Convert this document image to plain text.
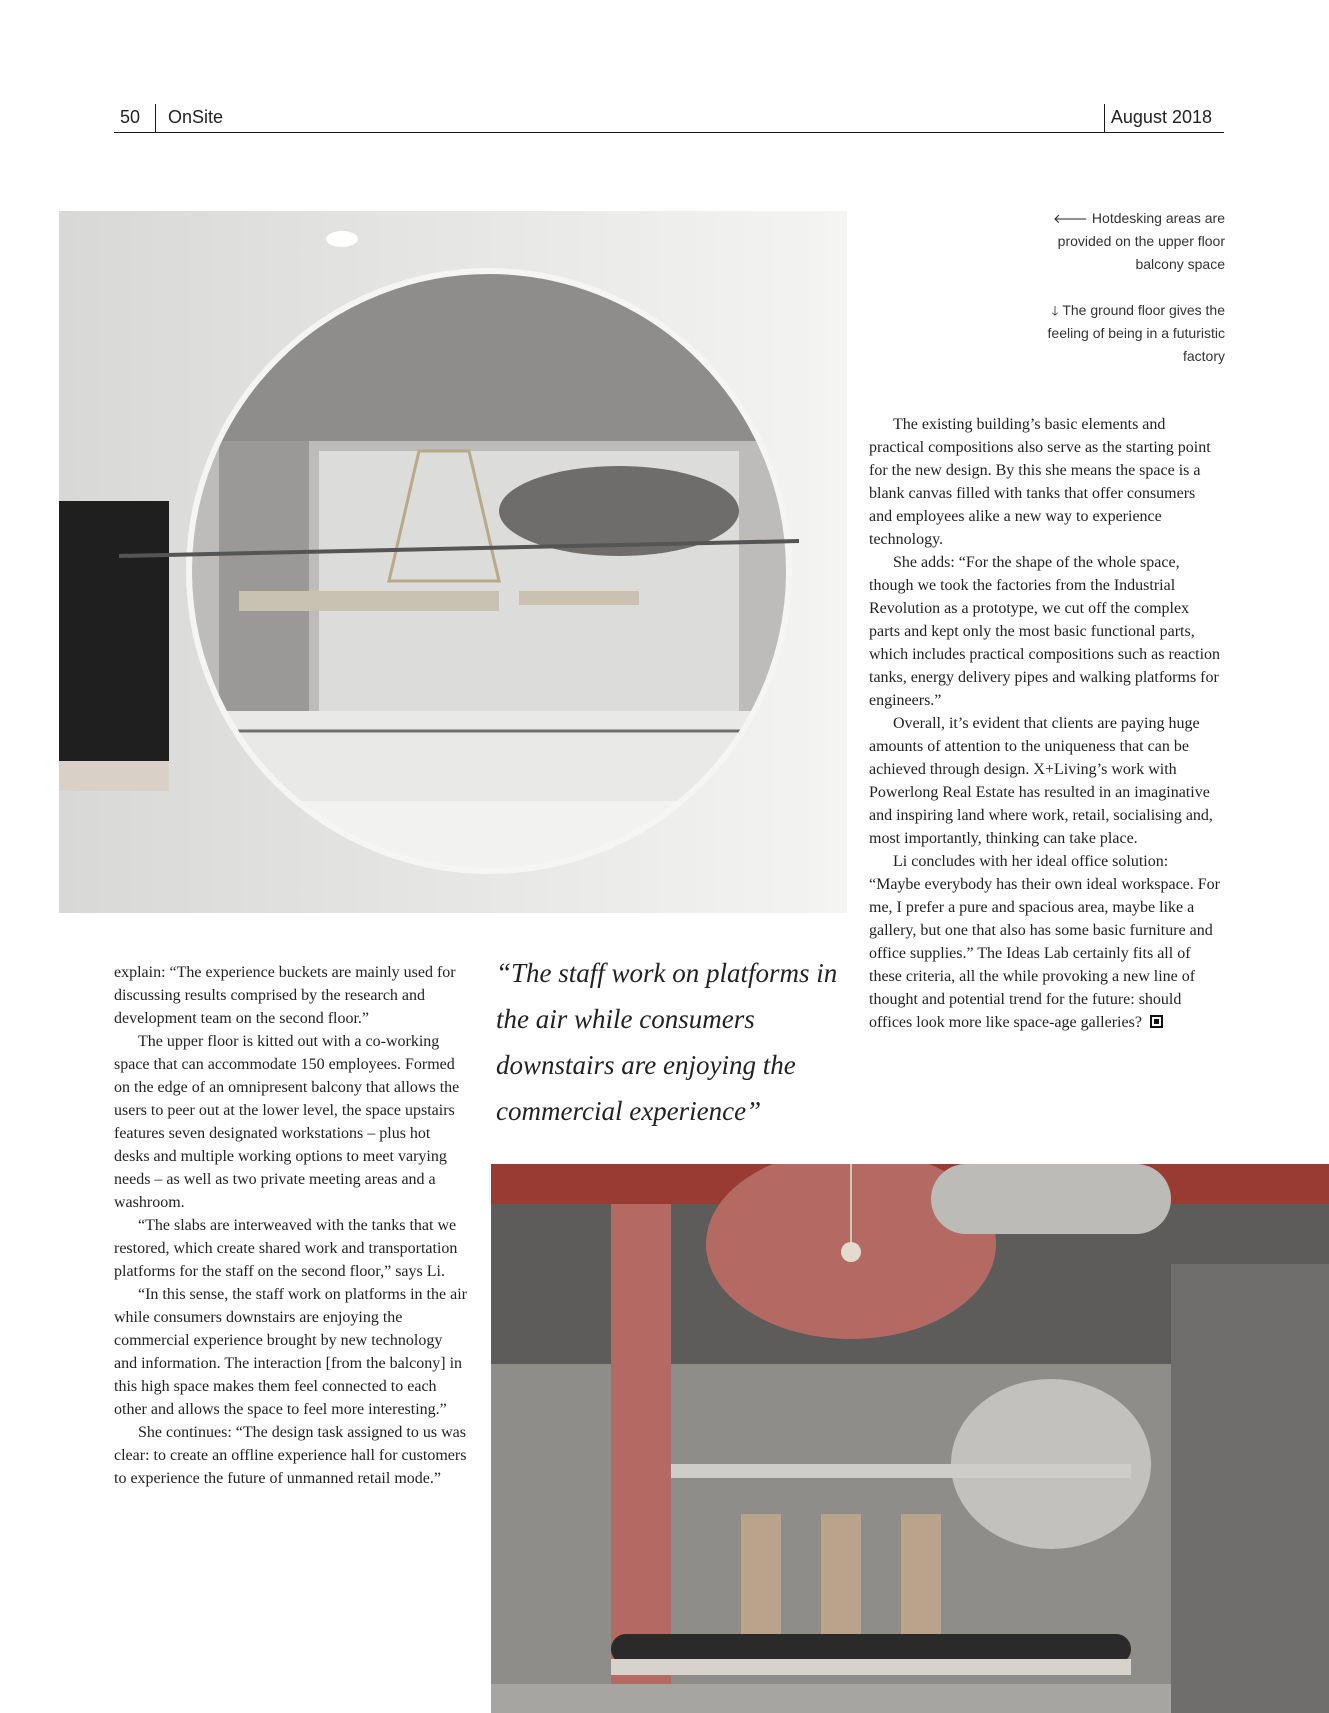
50 OnSite	August 2018
🡐 Hotdesking areas are provided on the upper floor balcony space
🡓 The ground floor gives the feeling of being in a futuristic factory

The existing building’s basic elements and practical compositions also serve as the starting point for the new design. By this she means the space is a blank canvas filled with tanks that offer consumers and employees alike a new way to experience technology.

She adds: “For the shape of the whole space, though we took the factories from the Industrial Revolution as a prototype, we cut off the complex parts and kept only the most basic functional parts, which includes practical compositions such as reaction tanks, energy delivery pipes and walking platforms for engineers.”

Overall, it’s evident that clients are paying huge amounts of attention to the uniqueness that can be achieved through design. X+Living’s work with Powerlong Real Estate has resulted in an imaginative and inspiring land where work, retail, socialising and, most importantly, thinking can take place.

Li concludes with her ideal office solution: “Maybe everybody has their own ideal workspace. For me, I prefer a pure and spacious area, maybe like a gallery, but one that also has some basic furniture and office supplies.” The Ideas Lab certainly fits all of these criteria, all the while provoking a new line of thought and potential trend for the future: should offices look more like space-age galleries?

explain: “The experience buckets are mainly used for discussing results comprised by the research and development team on the second floor.”

The upper floor is kitted out with a co-working space that can accommodate 150 employees. Formed on the edge of an omnipresent balcony that allows the users to peer out at the lower level, the space upstairs features seven designated workstations – plus hot desks and multiple working options to meet varying needs – as well as two private meeting areas and a washroom.

“The slabs are interweaved with the tanks that we restored, which create shared work and transportation platforms for the staff on the second floor,” says Li.

“In this sense, the staff work on platforms in the air while consumers downstairs are enjoying the commercial experience brought by new technology and information. The interaction [from the balcony] in this high space makes them feel connected to each other and allows the space to feel more interesting.”

She continues: “The design task assigned to us was clear: to create an offline experience hall for customers to experience the future of unmanned retail mode.”

“The staff work on platforms in the air while consumers downstairs are enjoying the commercial experience”
